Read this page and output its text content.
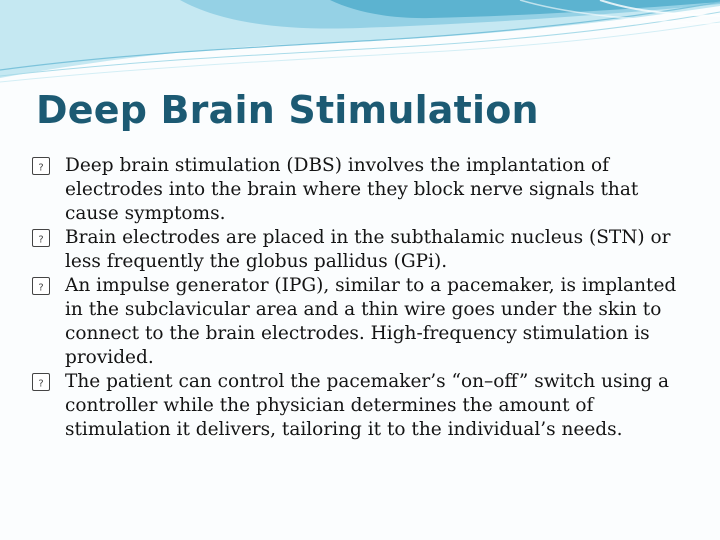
Deep Brain Stimulation
? Deep brain stimulation (DBS) involves the implantation of electrodes into the brain where they block nerve signals that cause symptoms.
? Brain electrodes are placed in the subthalamic nucleus (STN) or less frequently the globus pallidus (GPi).
? An impulse generator (IPG), similar to a pacemaker, is implanted in the subclavicular area and a thin wire goes under the skin to connect to the brain electrodes. High-frequency stimulation is provided.
? The patient can control the pacemaker’s “on–off” switch using a controller while the physician determines the amount of stimulation it delivers, tailoring it to the individual’s needs.
